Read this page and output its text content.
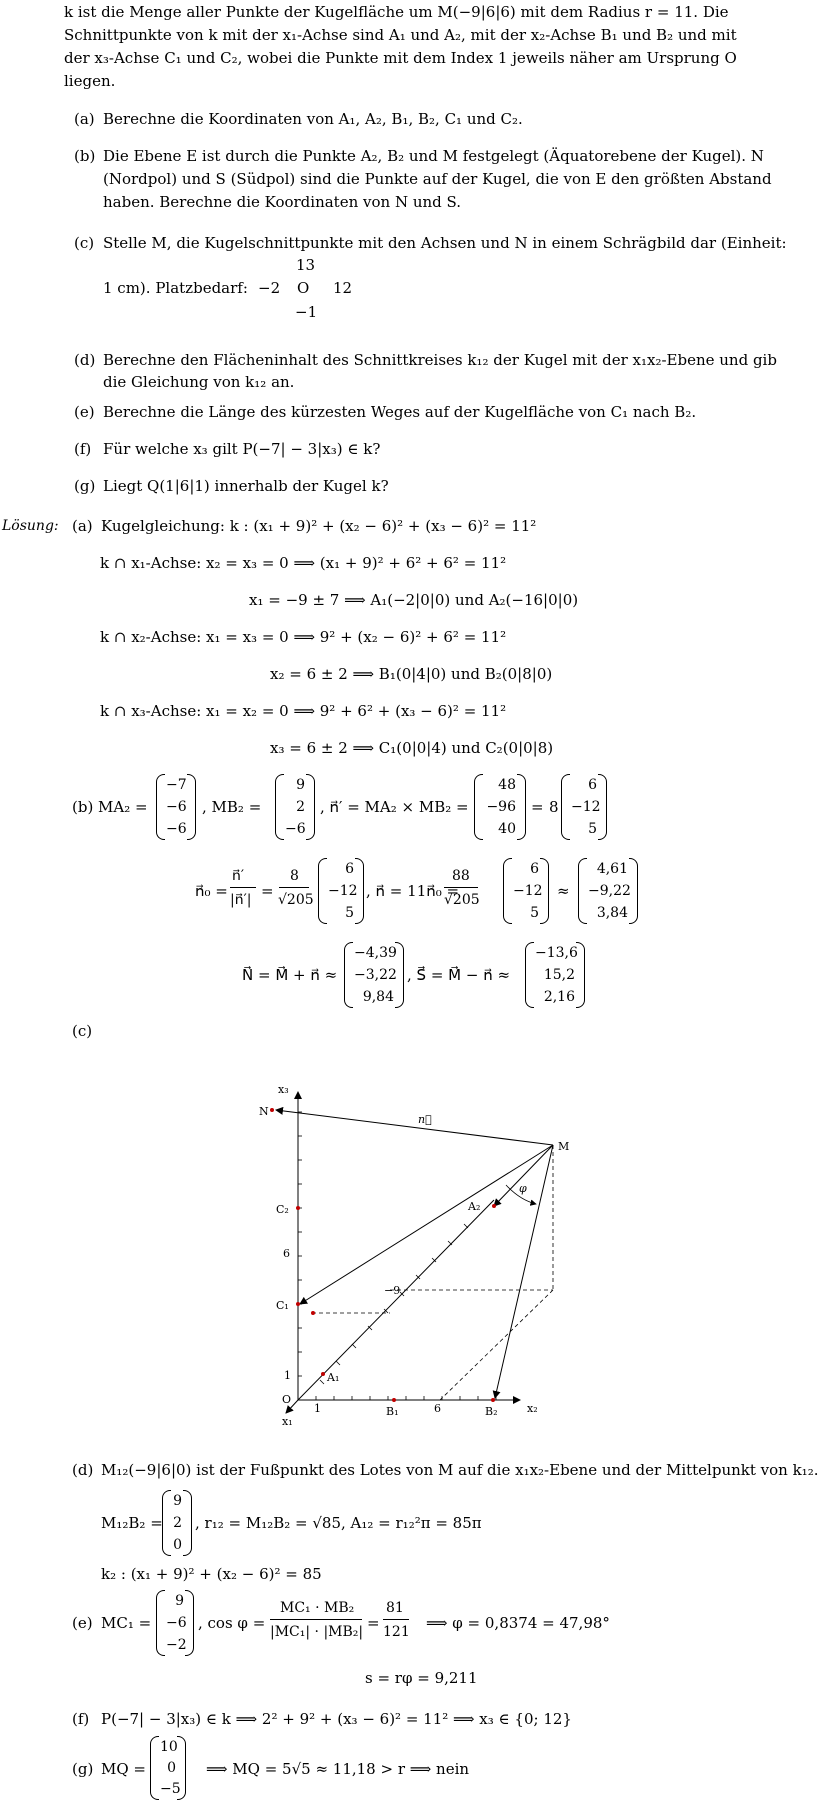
k ist die Menge aller Punkte der Kugelfläche um M(−9|6|6) mit dem Radius r = 11. Die
Schnittpunkte von k mit der x₁-Achse sind A₁ und A₂, mit der x₂-Achse B₁ und B₂ und mit
der x₃-Achse C₁ und C₂, wobei die Punkte mit dem Index 1 jeweils näher am Ursprung O
liegen.
(a) Berechne die Koordinaten von A₁, A₂, B₁, B₂, C₁ und C₂.
(b) Die Ebene E ist durch die Punkte A₂, B₂ und M festgelegt (Äquatorebene der Kugel). N
(Nordpol) und S (Südpol) sind die Punkte auf der Kugel, die von E den größten Abstand
haben. Berechne die Koordinaten von N und S.
(c) Stelle M, die Kugelschnittpunkte mit den Achsen und N in einem Schrägbild dar (Einheit:
13
1 cm). Platzbedarf: −2 O 12
−1
(d) Berechne den Flächeninhalt des Schnittkreises k₁₂ der Kugel mit der x₁x₂-Ebene und gib
die Gleichung von k₁₂ an.
(e) Berechne die Länge des kürzesten Weges auf der Kugelfläche von C₁ nach B₂.
(f) Für welche x₃ gilt P(−7| − 3|x₃) ∈ k?
(g) Liegt Q(1|6|1) innerhalb der Kugel k?
Lösung: (a) Kugelgleichung: k : (x₁ + 9)² + (x₂ − 6)² + (x₃ − 6)² = 11²
k ∩ x₁-Achse: x₂ = x₃ = 0 ⟹ (x₁ + 9)² + 6² + 6² = 11²
x₁ = −9 ± 7 ⟹ A₁(−2|0|0) und A₂(−16|0|0)
k ∩ x₂-Achse: x₁ = x₃ = 0 ⟹ 9² + (x₂ − 6)² + 6² = 11²
x₂ = 6 ± 2 ⟹ B₁(0|4|0) und B₂(0|8|0)
k ∩ x₃-Achse: x₁ = x₂ = 0 ⟹ 9² + 6² + (x₃ − 6)² = 11²
x₃ = 6 ± 2 ⟹ C₁(0|0|4) und C₂(0|0|8)
(b) MA₂ =
−7
−6
−6
, MB₂ =
9
2
−6
, n⃗′ = MA₂ × MB₂ =
48
−96
40
= 8
6
−12
5
n⃗₀ =
n⃗′
|n⃗′| =
8
√205
6
−12
5
, n⃗ = 11n⃗₀ =
88
√205
6
−12
5
≈
4,61
−9,22
3,84
N⃗ = M⃗ + n⃗ ≈
−4,39
−3,22
9,84
, S⃗ = M⃗ − n⃗ ≈
−13,6
15,2
2,16
(c)
x₃
x₂
x₁
N
M
n⃗
φ
A₂
A₁
C₂
C₁
6
1
O
1	B₁	6	B₂
−9
(d) M₁₂(−9|6|0) ist der Fußpunkt des Lotes von M auf die x₁x₂-Ebene und der Mittelpunkt von k₁₂.
M₁₂B₂ =
9
2
0
, r₁₂ = M₁₂B₂ = √85, A₁₂ = r₁₂²π = 85π
k₂ : (x₁ + 9)² + (x₂ − 6)² = 85
(e) MC₁ =
9
−6
−2
, cos φ =
MC₁ · MB₂
|MC₁| · |MB₂| =
81
121 ⟹ φ = 0,8374 = 47,98°
s = rφ = 9,211
(f) P(−7| − 3|x₃) ∈ k ⟹ 2² + 9² + (x₃ − 6)² = 11² ⟹ x₃ ∈ {0; 12}
(g) MQ =
10
0
−5
⟹ MQ = 5√5 ≈ 11,18 > r ⟹ nein
